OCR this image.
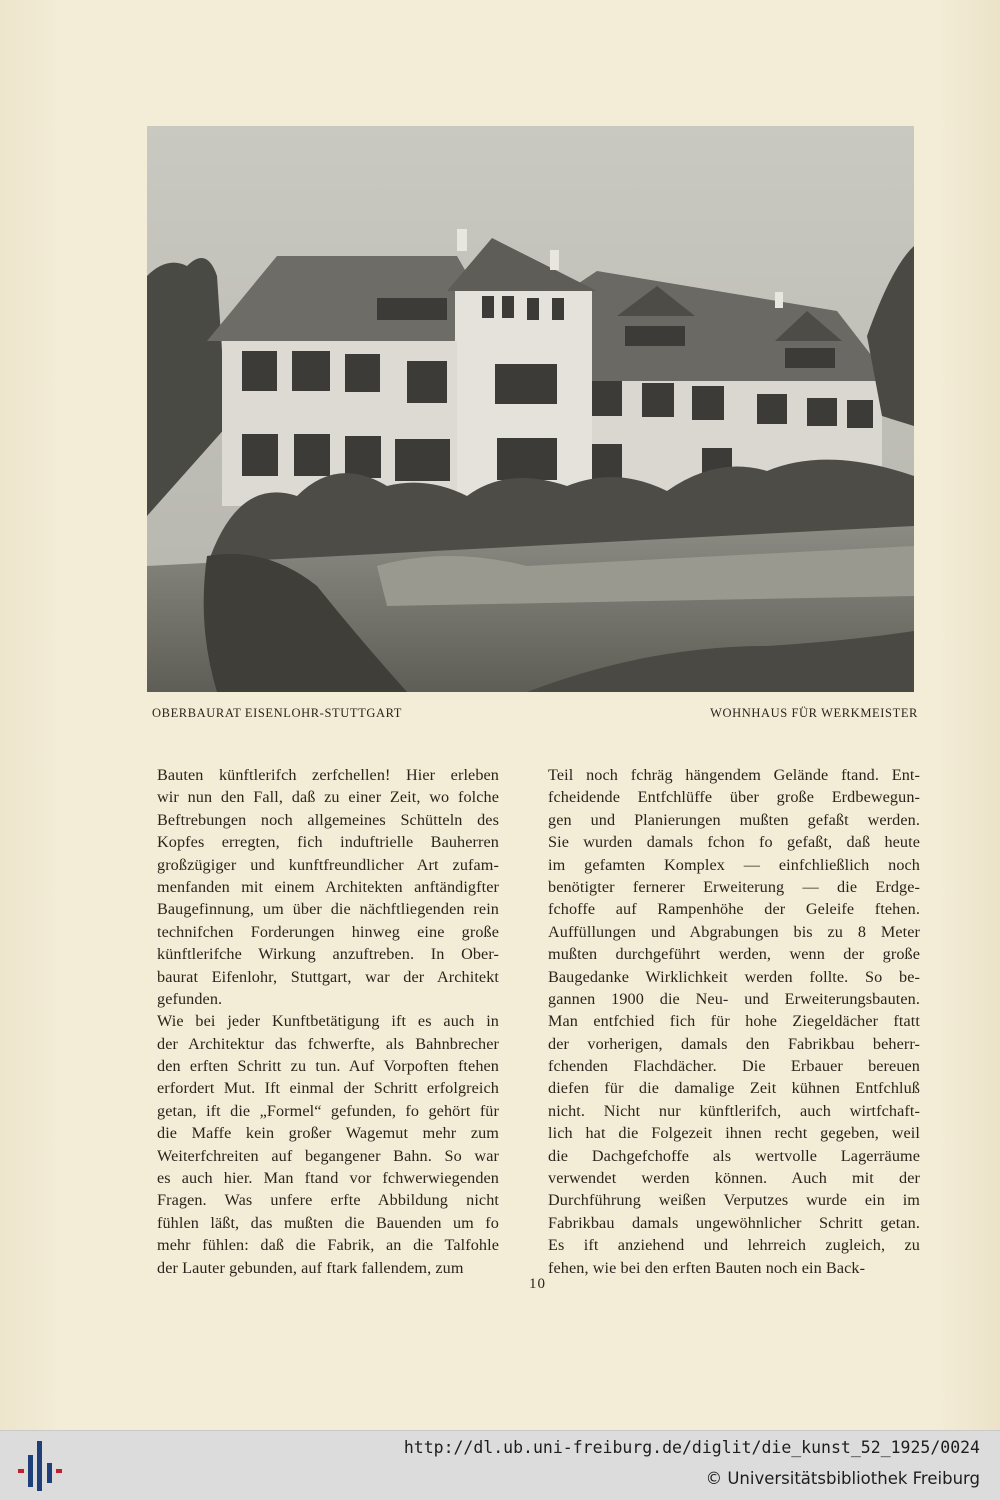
OBERBAURAT EISENLOHR-STUTTGART	WOHNHAUS FÜR WERKMEISTER
Bauten künftlerifch zerfchellen! Hier erleben
wir nun den Fall, daß zu einer Zeit, wo folche
Beftrebungen noch allgemeines Schütteln des
Kopfes erregten, fich induftrielle Bauherren
großzügiger und kunftfreundlicher Art zufam-
menfanden mit einem Architekten anftändigfter
Baugefinnung, um über die nächftliegenden rein
technifchen Forderungen hinweg eine große
künftlerifche Wirkung anzuftreben. In Ober-
baurat Eifenlohr, Stuttgart, war der Architekt
gefunden.
Wie bei jeder Kunftbetätigung ift es auch in
der Architektur das fchwerfte, als Bahnbrecher
den erften Schritt zu tun. Auf Vorpoften ftehen
erfordert Mut. Ift einmal der Schritt erfolgreich
getan, ift die „Formel“ gefunden, fo gehört für
die Maffe kein großer Wagemut mehr zum
Weiterfchreiten auf begangener Bahn. So war
es auch hier. Man ftand vor fchwerwiegenden
Fragen. Was unfere erfte Abbildung nicht
fühlen läßt, das mußten die Bauenden um fo
mehr fühlen: daß die Fabrik, an die Talfohle
der Lauter gebunden, auf ftark fallendem, zum
Teil noch fchräg hängendem Gelände ftand. Ent-
fcheidende Entfchlüffe über große Erdbewegun-
gen und Planierungen mußten gefaßt werden.
Sie wurden damals fchon fo gefaßt, daß heute
im gefamten Komplex — einfchließlich noch
benötigter fernerer Erweiterung — die Erdge-
fchoffe auf Rampenhöhe der Geleife ftehen.
Auffüllungen und Abgrabungen bis zu 8 Meter
mußten durchgeführt werden, wenn der große
Baugedanke Wirklichkeit werden follte. So be-
gannen 1900 die Neu- und Erweiterungsbauten.
Man entfchied fich für hohe Ziegeldächer ftatt
der vorherigen, damals den Fabrikbau beherr-
fchenden Flachdächer. Die Erbauer bereuen
diefen für die damalige Zeit kühnen Entfchluß
nicht. Nicht nur künftlerifch, auch wirtfchaft-
lich hat die Folgezeit ihnen recht gegeben, weil
die Dachgefchoffe als wertvolle Lagerräume
verwendet werden können. Auch mit der
Durchführung weißen Verputzes wurde ein im
Fabrikbau damals ungewöhnlicher Schritt getan.
Es ift anziehend und lehrreich zugleich, zu
fehen, wie bei den erften Bauten noch ein Back-
10
http://dl.ub.uni-freiburg.de/diglit/die_kunst_52_1925/0024
© Universitätsbibliothek Freiburg
